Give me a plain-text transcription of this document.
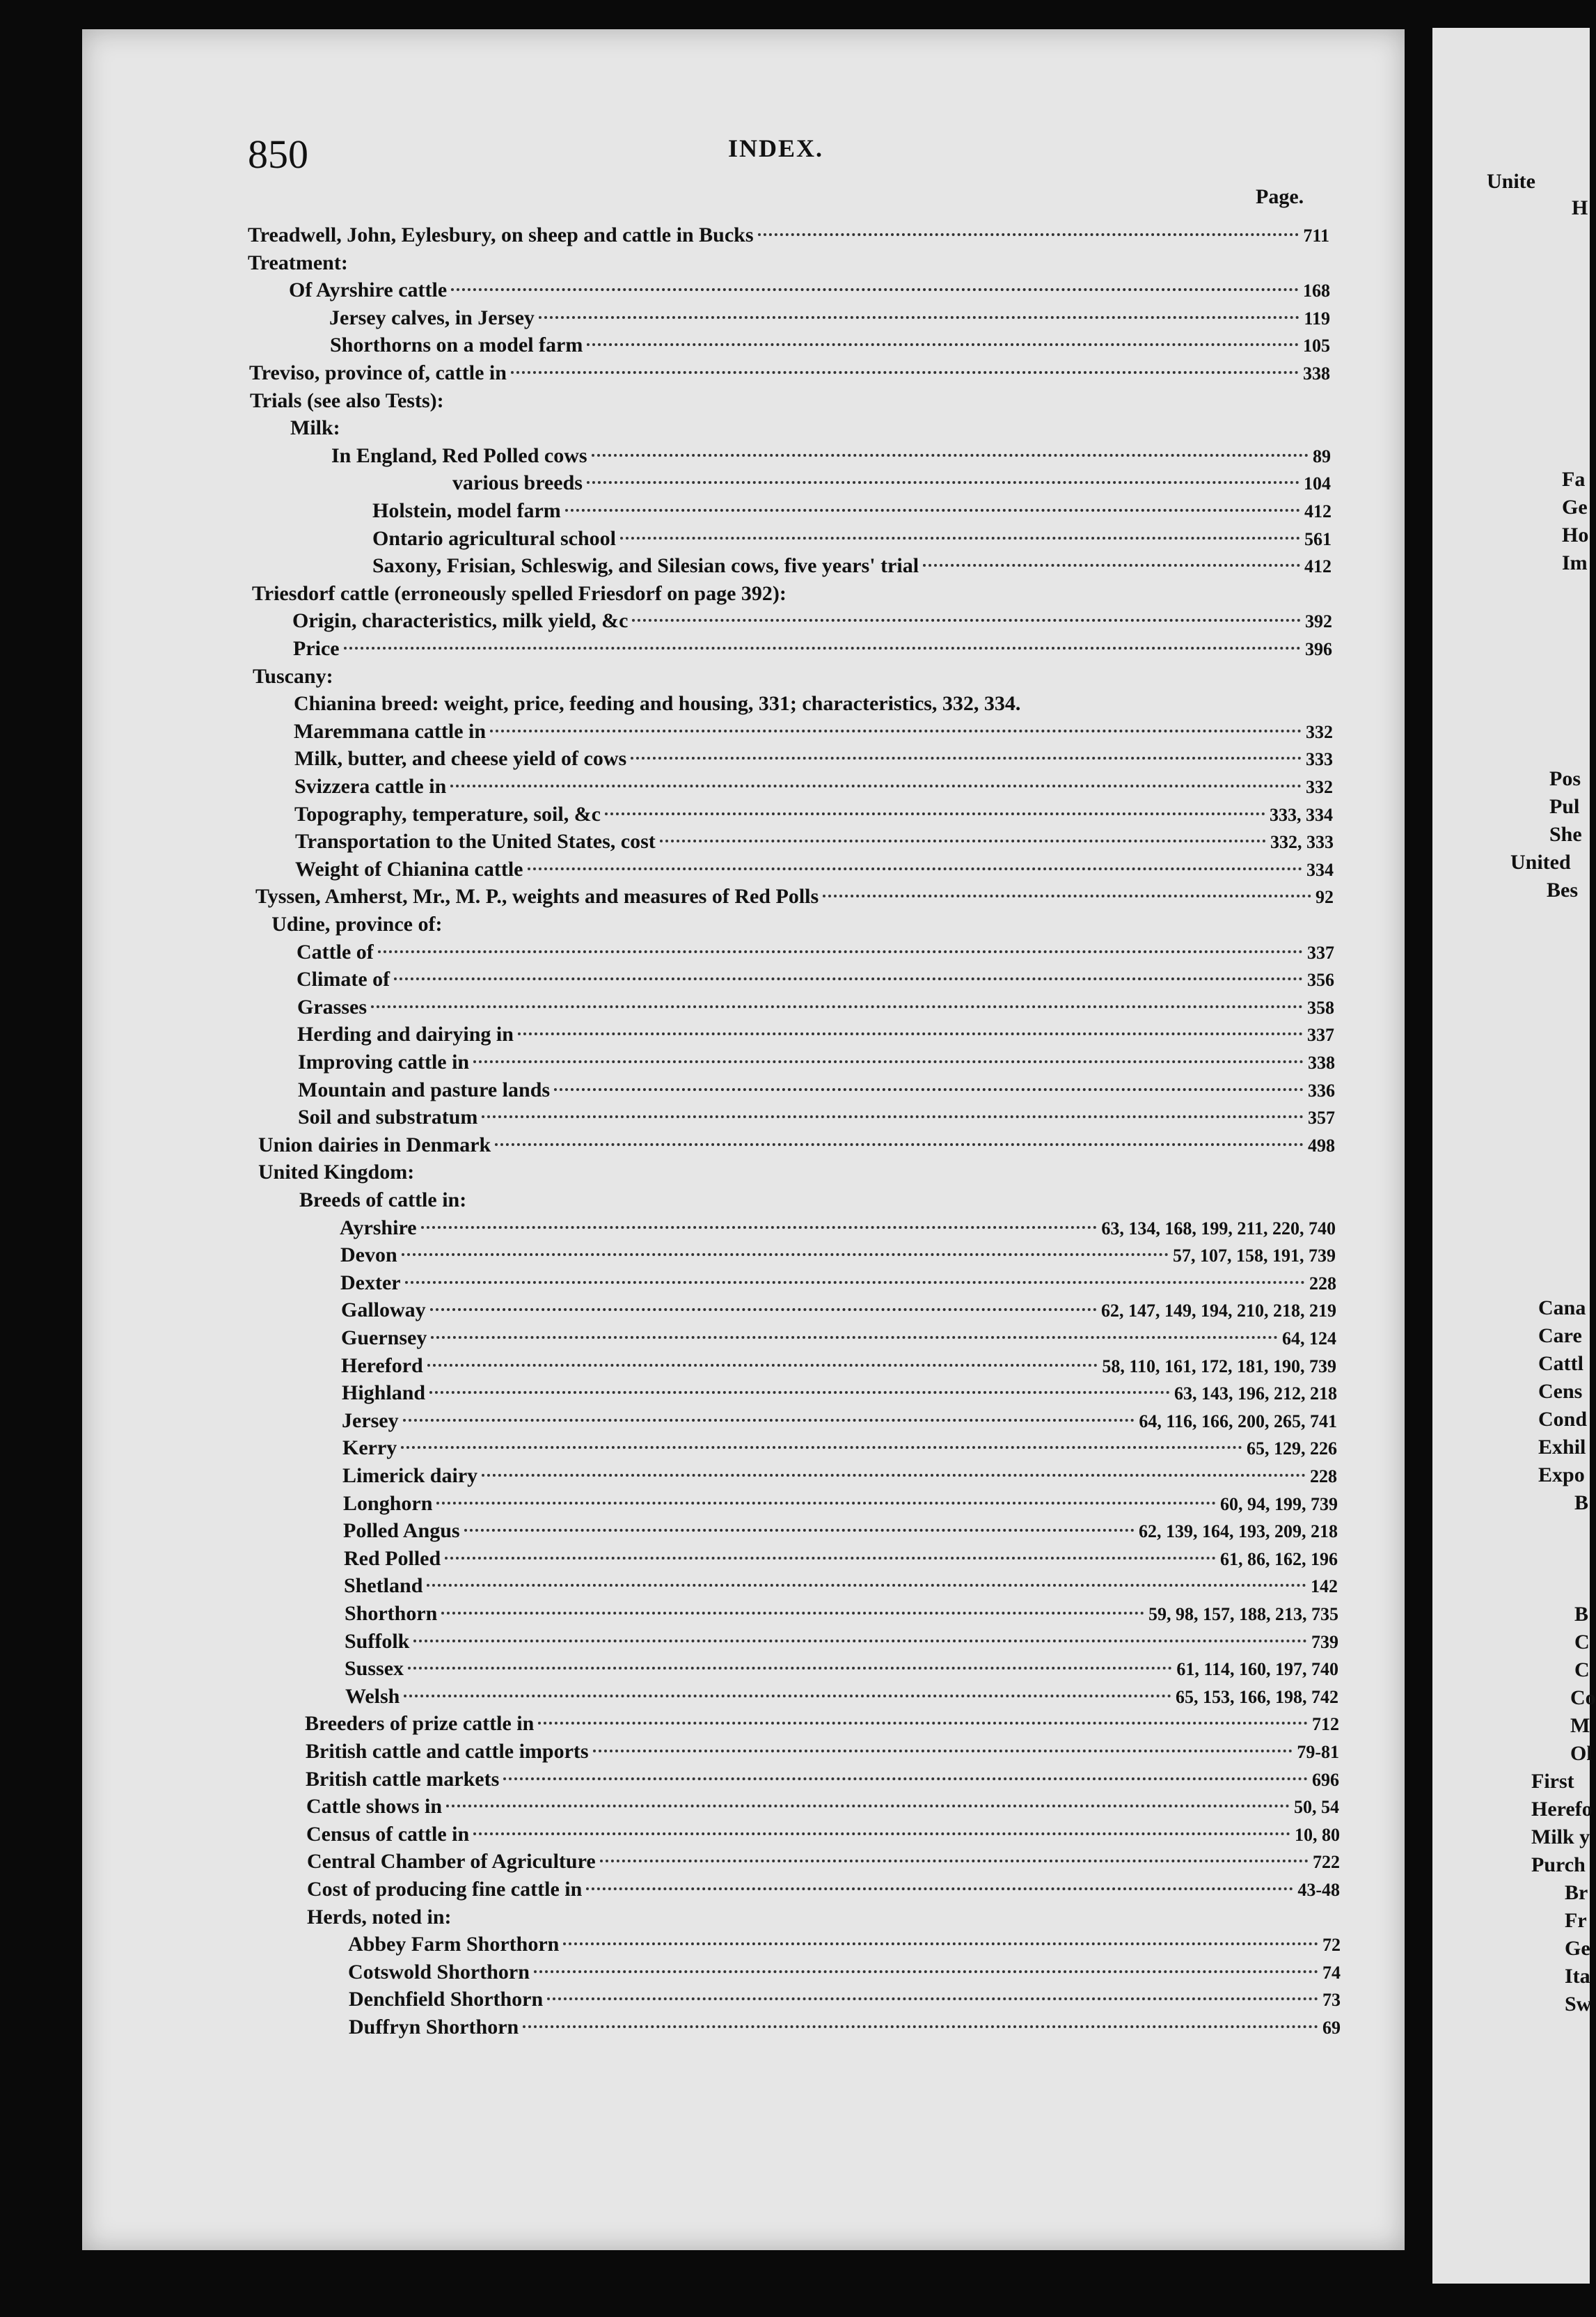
850	INDEX.
Page.
Treadwell, John, Eylesbury, on sheep and cattle in Bucks	711
Treatment:
Of Ayrshire cattle	168
Jersey calves, in Jersey	119
Shorthorns on a model farm	105
Treviso, province of, cattle in	338
Trials (see also Tests):
Milk:
In England, Red Polled cows	89
various breeds	104
Holstein, model farm	412
Ontario agricultural school	561
Saxony, Frisian, Schleswig, and Silesian cows, five years' trial	412
Triesdorf cattle (erroneously spelled Friesdorf on page 392):
Origin, characteristics, milk yield, &c	392
Price	396
Tuscany:
Chianina breed: weight, price, feeding and housing, 331; characteristics, 332, 334.
Maremmana cattle in	332
Milk, butter, and cheese yield of cows	333
Svizzera cattle in	332
Topography, temperature, soil, &c	333, 334
Transportation to the United States, cost	332, 333
Weight of Chianina cattle	334
Tyssen, Amherst, Mr., M. P., weights and measures of Red Polls	92
Udine, province of:
Cattle of	337
Climate of	356
Grasses	358
Herding and dairying in	337
Improving cattle in	338
Mountain and pasture lands	336
Soil and substratum	357
Union dairies in Denmark	498
United Kingdom:
Breeds of cattle in:
Ayrshire	63, 134, 168, 199, 211, 220, 740
Devon	57, 107, 158, 191, 739
Dexter	228
Galloway	62, 147, 149, 194, 210, 218, 219
Guernsey	64, 124
Hereford	58, 110, 161, 172, 181, 190, 739
Highland	63, 143, 196, 212, 218
Jersey	64, 116, 166, 200, 265, 741
Kerry	65, 129, 226
Limerick dairy	228
Longhorn	60, 94, 199, 739
Polled Angus	62, 139, 164, 193, 209, 218
Red Polled	61, 86, 162, 196
Shetland	142
Shorthorn	59, 98, 157, 188, 213, 735
Suffolk	739
Sussex	61, 114, 160, 197, 740
Welsh	65, 153, 166, 198, 742
Breeders of prize cattle in	712
British cattle and cattle imports	79-81
British cattle markets	696
Cattle shows in	50, 54
Census of cattle in	10, 80
Central Chamber of Agriculture	722
Cost of producing fine cattle in	43-48
Herds, noted in:
Abbey Farm Shorthorn	72
Cotswold Shorthorn	74
Denchfield Shorthorn	73
Duffryn Shorthorn	69
Unite
H
Fa
Ge
Ho
Im
Pos
Pul
She
United
Bes
Cana
Care
Cattl
Cens
Cond
Exhil
Expo
B
B
C
C
Co
M
Ol
First
Herefo
Milk y
Purch
Br
Fr
Ge
Ita
Sw
